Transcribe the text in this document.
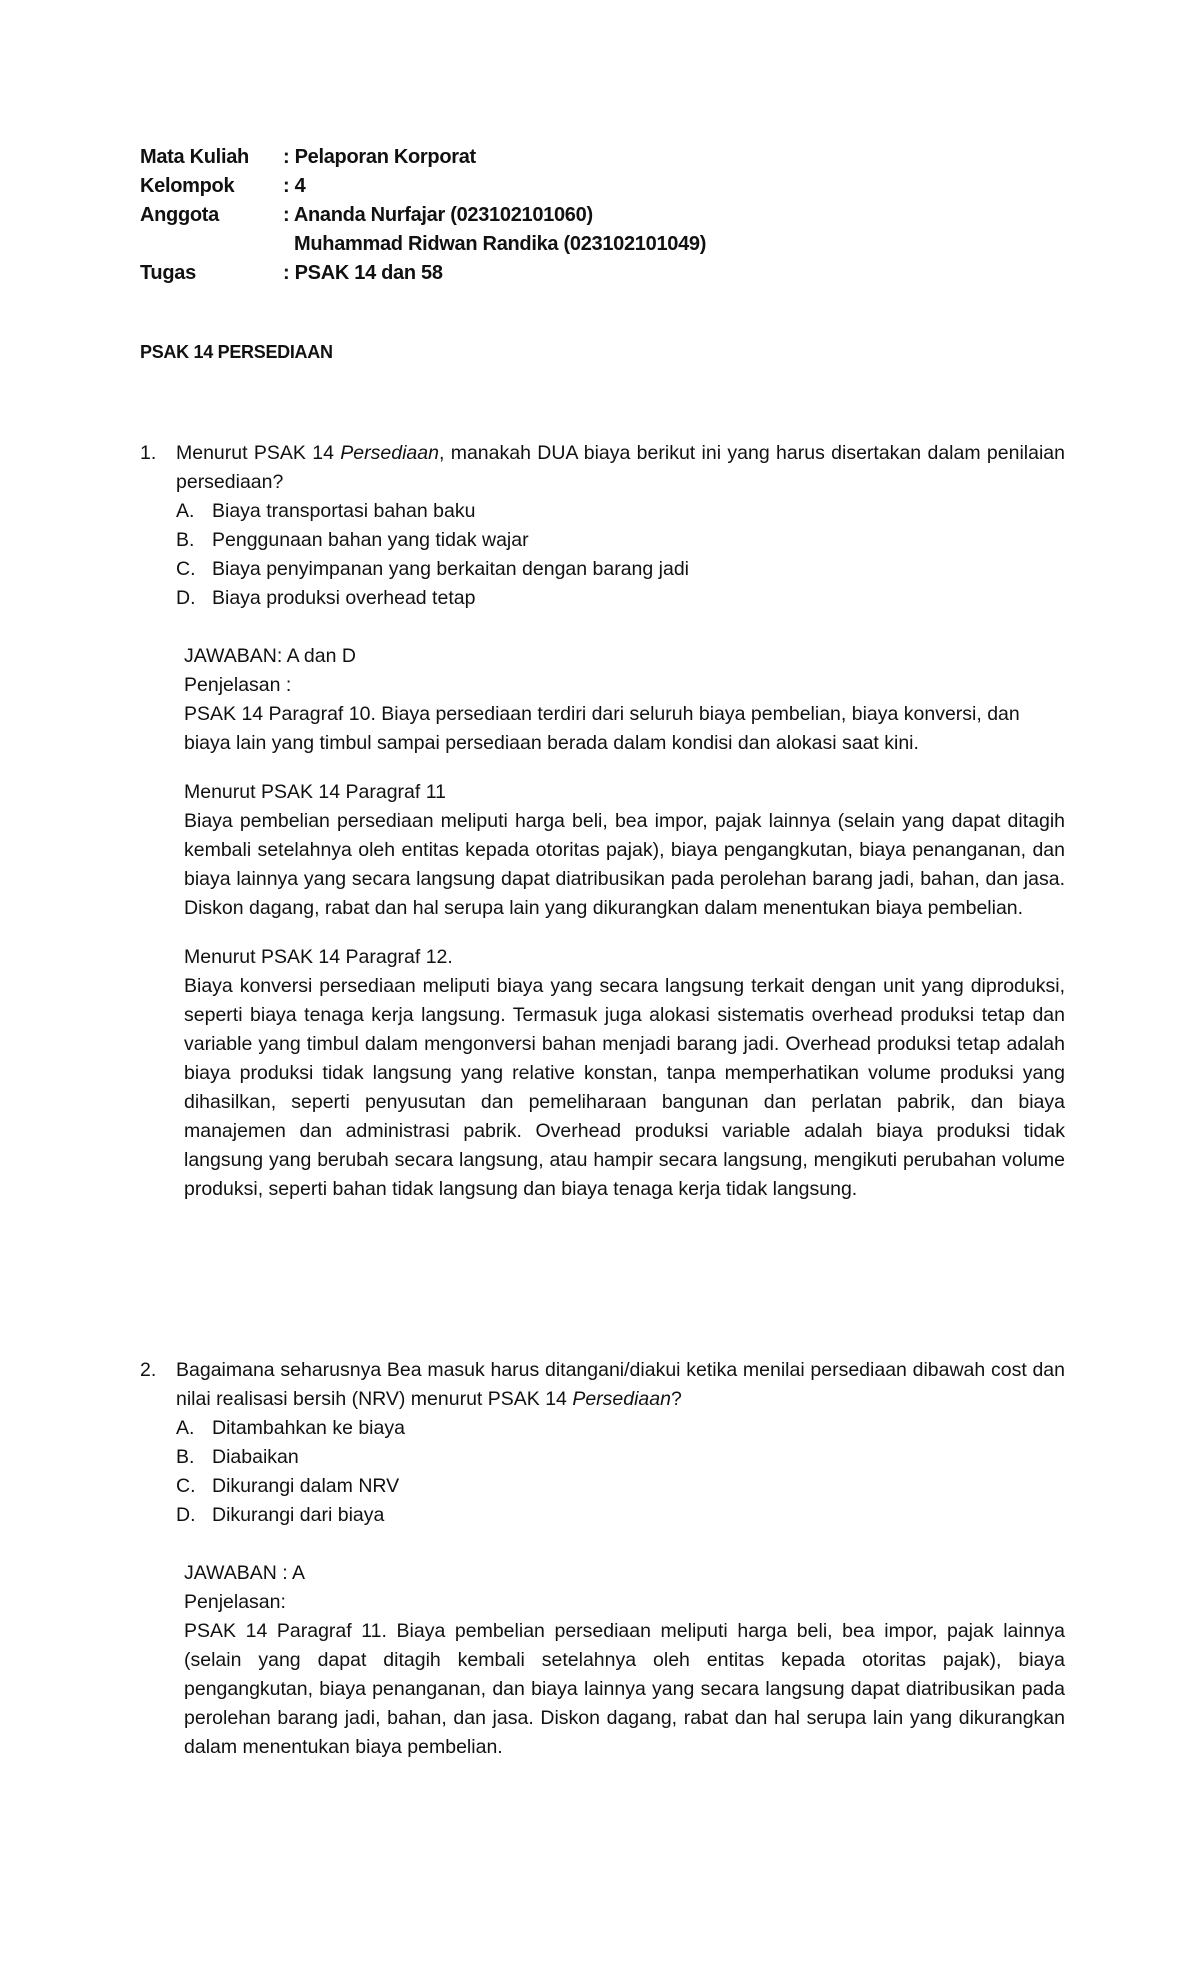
Mata Kuliah	: Pelaporan Korporat
Kelompok	: 4
Anggota	: Ananda Nurfajar (023102101060)
Muhammad Ridwan Randika (023102101049)
Tugas	: PSAK 14 dan 58
PSAK 14 PERSEDIAAN
1.	Menurut PSAK 14 Persediaan, manakah DUA biaya berikut ini yang harus disertakan dalam penilaian persediaan?
A. Biaya transportasi bahan baku
B. Penggunaan bahan yang tidak wajar
C. Biaya penyimpanan yang berkaitan dengan barang jadi
D. Biaya produksi overhead tetap
JAWABAN: A dan D
Penjelasan :

PSAK 14 Paragraf 10. Biaya persediaan terdiri dari seluruh biaya pembelian, biaya konversi, dan biaya lain yang timbul sampai persediaan berada dalam kondisi dan alokasi saat kini.

Menurut PSAK 14 Paragraf 11

Biaya pembelian persediaan meliputi harga beli, bea impor, pajak lainnya (selain yang dapat ditagih kembali setelahnya oleh entitas kepada otoritas pajak), biaya pengangkutan, biaya penanganan, dan biaya lainnya yang secara langsung dapat diatribusikan pada perolehan barang jadi, bahan, dan jasa. Diskon dagang, rabat dan hal serupa lain yang dikurangkan dalam menentukan biaya pembelian.

Menurut PSAK 14 Paragraf 12.

Biaya konversi persediaan meliputi biaya yang secara langsung terkait dengan unit yang diproduksi, seperti biaya tenaga kerja langsung. Termasuk juga alokasi sistematis overhead produksi tetap dan variable yang timbul dalam mengonversi bahan menjadi barang jadi. Overhead produksi tetap adalah biaya produksi tidak langsung yang relative konstan, tanpa memperhatikan volume produksi yang dihasilkan, seperti penyusutan dan pemeliharaan bangunan dan perlatan pabrik, dan biaya manajemen dan administrasi pabrik. Overhead produksi variable adalah biaya produksi tidak langsung yang berubah secara langsung, atau hampir secara langsung, mengikuti perubahan volume produksi, seperti bahan tidak langsung dan biaya tenaga kerja tidak langsung.

2.	Bagaimana seharusnya Bea masuk harus ditangani/diakui ketika menilai persediaan dibawah cost dan nilai realisasi bersih (NRV) menurut PSAK 14 Persediaan?
A. Ditambahkan ke biaya
B. Diabaikan
C. Dikurangi dalam NRV
D. Dikurangi dari biaya
JAWABAN : A
Penjelasan:

PSAK 14 Paragraf 11. Biaya pembelian persediaan meliputi harga beli, bea impor, pajak lainnya (selain yang dapat ditagih kembali setelahnya oleh entitas kepada otoritas pajak), biaya pengangkutan, biaya penanganan, dan biaya lainnya yang secara langsung dapat diatribusikan pada perolehan barang jadi, bahan, dan jasa. Diskon dagang, rabat dan hal serupa lain yang dikurangkan dalam menentukan biaya pembelian.
